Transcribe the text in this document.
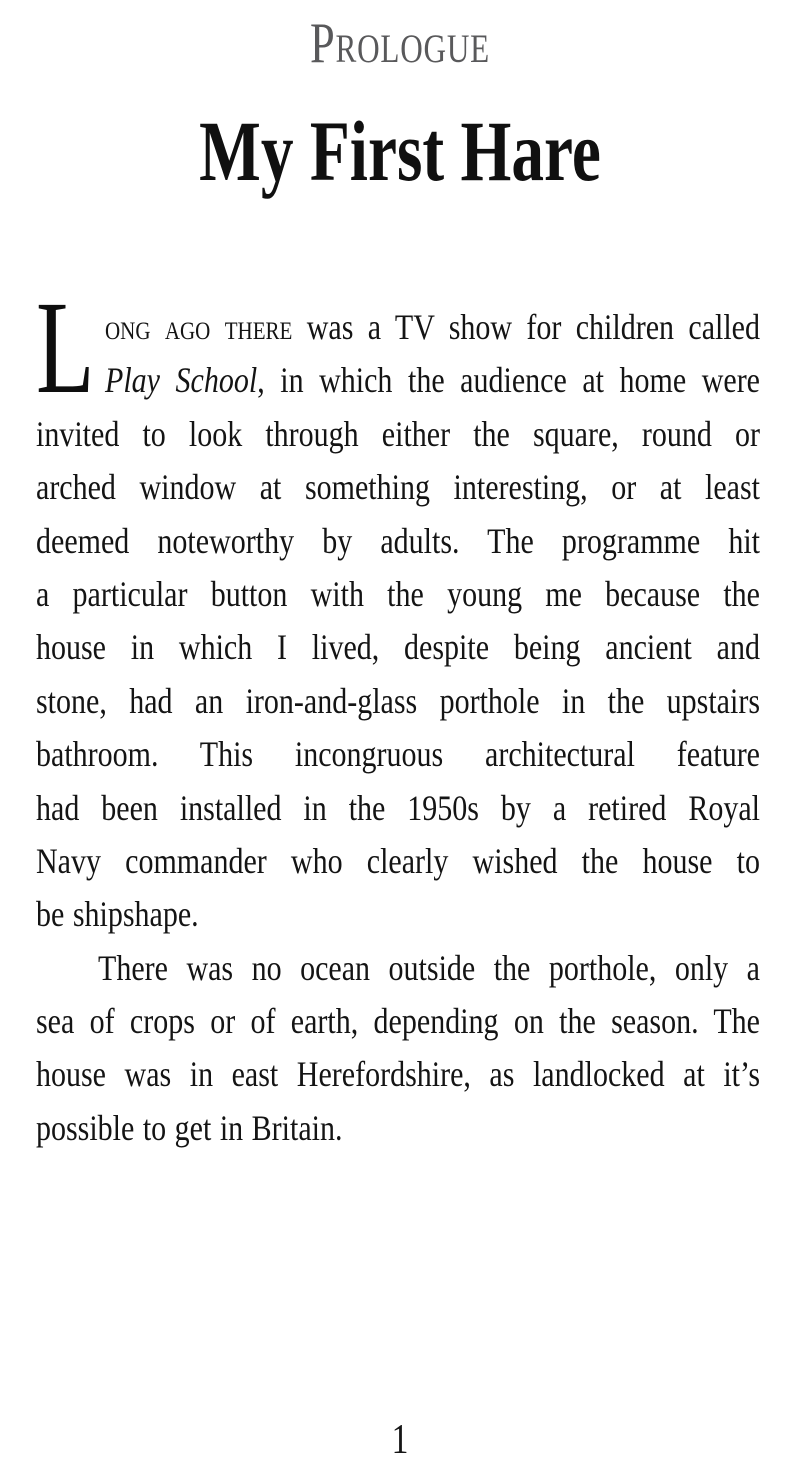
Prologue
My First Hare
L ong ago there was a TV show for children called
Play School, in which the audience at home were
invited to look through either the square, round or
arched window at something interesting, or at least
deemed noteworthy by adults. The programme hit
a particular button with the young me because the
house in which I lived, despite being ancient and
stone, had an iron-and-glass porthole in the upstairs
bathroom. This incongruous architectural feature
had been installed in the 1950s by a retired Royal
Navy commander who clearly wished the house to
be shipshape.
There was no ocean outside the porthole, only a
sea of crops or of earth, depending on the season. The
house was in east Herefordshire, as landlocked at it’s
possible to get in Britain.
1
